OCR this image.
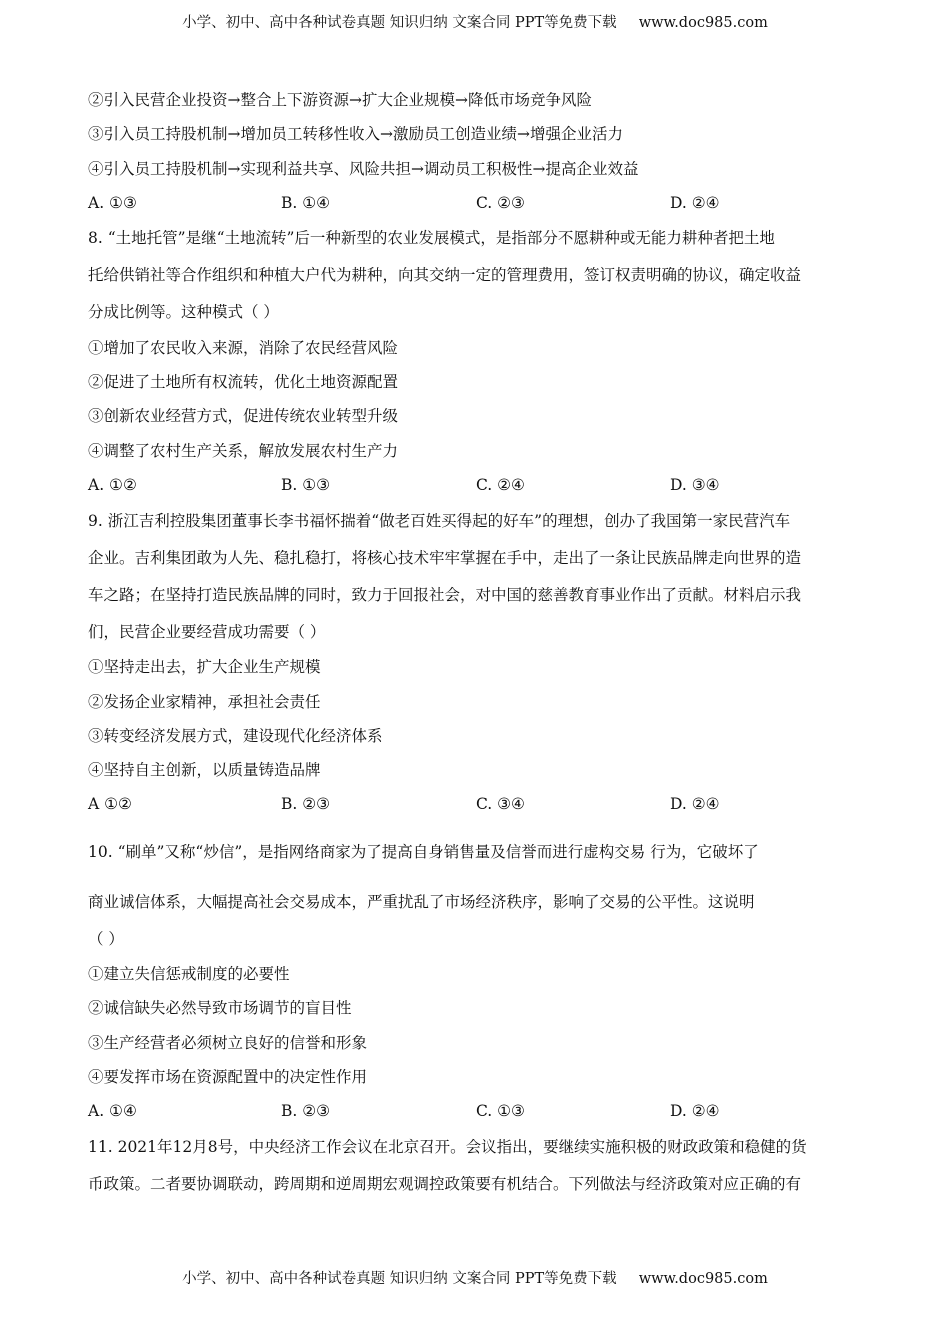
小学、初中、高中各种试卷真题 知识归纳 文案合同 PPT等免费下载 www.doc985.com
②引入民营企业投资→整合上下游资源→扩大企业规模→降低市场竞争风险
③引入员工持股机制→增加员工转移性收入→激励员工创造业绩→增强企业活力
④引入员工持股机制→实现利益共享、风险共担→调动员工积极性→提高企业效益
A. ①③	B. ①④	C. ②③	D. ②④
8. “土地托管”是继“土地流转”后一种新型的农业发展模式，是指部分不愿耕种或无能力耕种者把土地
托给供销社等合作组织和种植大户代为耕种，向其交纳一定的管理费用，签订权责明确的协议，确定收益
分成比例等。这种模式（ ）
①增加了农民收入来源，消除了农民经营风险
②促进了土地所有权流转，优化土地资源配置
③创新农业经营方式，促进传统农业转型升级
④调整了农村生产关系，解放发展农村生产力
A. ①②	B. ①③	C. ②④	D. ③④
9. 浙江吉利控股集团董事长李书福怀揣着“做老百姓买得起的好车”的理想，创办了我国第一家民营汽车
企业。吉利集团敢为人先、稳扎稳打，将核心技术牢牢掌握在手中，走出了一条让民族品牌走向世界的造
车之路；在坚持打造民族品牌的同时，致力于回报社会，对中国的慈善教育事业作出了贡献。材料启示我
们，民营企业要经营成功需要（ ）
①坚持走出去，扩大企业生产规模
②发扬企业家精神，承担社会责任
③转变经济发展方式，建设现代化经济体系
④坚持自主创新，以质量铸造品牌
A ①②	B. ②③	C. ③④	D. ②④
10. “刷单”又称“炒信”，是指网络商家为了提高自身销售量及信誉而进行虚构交易 行为，它破坏了
商业诚信体系，大幅提高社会交易成本，严重扰乱了市场经济秩序，影响了交易的公平性。这说明
（ ）
①建立失信惩戒制度的必要性
②诚信缺失必然导致市场调节的盲目性
③生产经营者必须树立良好的信誉和形象
④要发挥市场在资源配置中的决定性作用
A. ①④	B. ②③	C. ①③	D. ②④
11. 2021年12月8号，中央经济工作会议在北京召开。会议指出，要继续实施积极的财政政策和稳健的货
币政策。二者要协调联动，跨周期和逆周期宏观调控政策要有机结合。下列做法与经济政策对应正确的有
小学、初中、高中各种试卷真题 知识归纳 文案合同 PPT等免费下载 www.doc985.com
